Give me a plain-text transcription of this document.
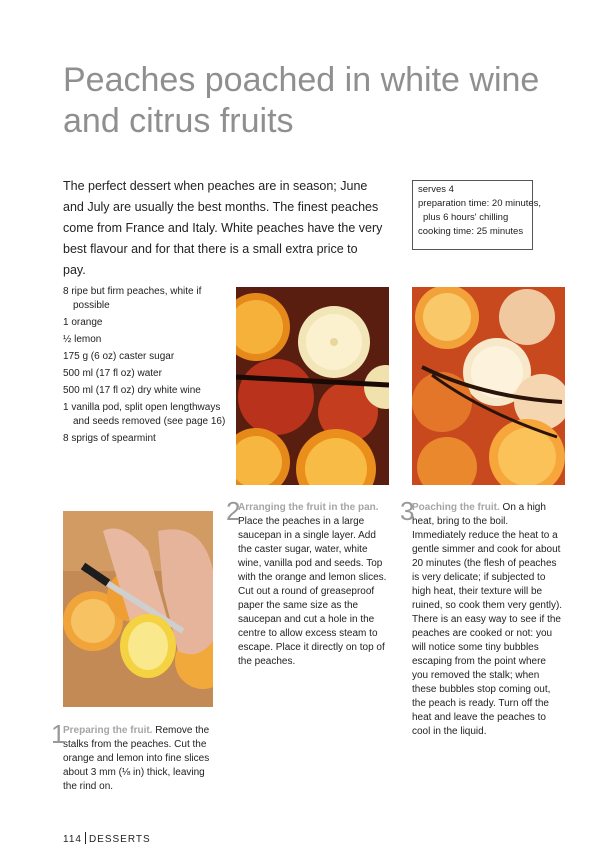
Peaches poached in white wine
and citrus fruits

The perfect dessert when peaches are in season; June and July are usually the best months. The finest peaches come from France and Italy. White peaches have the very best flavour and for that there is a small extra price to pay.

serves 4
preparation time: 20 minutes,
plus 6 hours' chilling
cooking time: 25 minutes
8 ripe but firm peaches, white if possible
1 orange
½ lemon
175 g (6 oz) caster sugar
500 ml (17 fl oz) water
500 ml (17 fl oz) dry white wine
1 vanilla pod, split open lengthways and seeds removed (see page 16)
8 sprigs of spearmint
1
Preparing the fruit. Remove the stalks from the peaches. Cut the orange and lemon into fine slices about 3 mm (⅛ in) thick, leaving the rind on.
2
Arranging the fruit in the pan. Place the peaches in a large saucepan in a single layer. Add the caster sugar, water, white wine, vanilla pod and seeds. Top with the orange and lemon slices. Cut out a round of greaseproof paper the same size as the saucepan and cut a hole in the centre to allow excess steam to escape. Place it directly on top of the peaches.
3
Poaching the fruit. On a high heat, bring to the boil. Immediately reduce the heat to a gentle simmer and cook for about 20 minutes (the flesh of peaches is very delicate; if subjected to high heat, their texture will be ruined, so cook them very gently). There is an easy way to see if the peaches are cooked or not: you will notice some tiny bubbles escaping from the point where you removed the stalk; when these bubbles stop coming out, the peach is ready. Turn off the heat and leave the peaches to cool in the liquid.
114 DESSERTS
